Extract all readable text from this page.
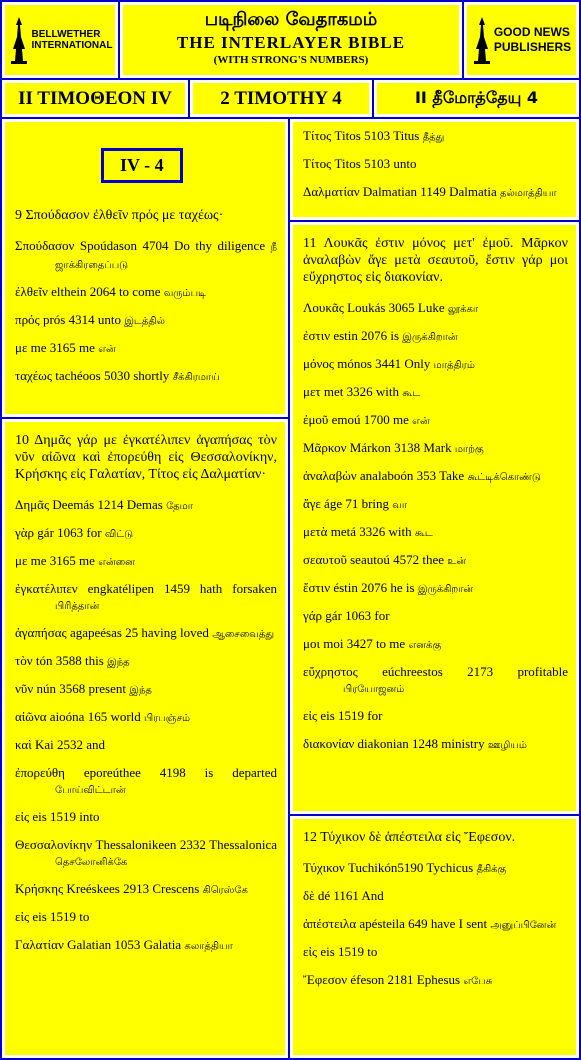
BELLWETHER
INTERNATIONAL
படிநிலை வேதாகமம்
THE INTERLAYER BIBLE
(WITH STRONG'S NUMBERS)
GOOD NEWS
PUBLISHERS
II TIMOΘΕΟΝ IV	2 TIMOTHY 4	II தீமோத்தேயு 4
IV - 4
9 Σπούδασον ἐλθεῖν πρός με ταχέως·
Σπούδασον Spoúdason 4704 Do thy diligence நீ ஜாக்கிரதைப்படு
ἐλθεῖν elthein 2064 to come வரும்படி
πρός prós 4314 unto இடத்தில்
με me 3165 me என்
ταχέως tachéoos 5030 shortly சீக்கிரமாய்
10 Δημᾶς γάρ με ἐγκατέλιπεν ἀγαπήσας τὸν νῦν αἰῶνα καὶ ἐπορεύθη εἰς Θεσσαλονίκην, Κρήσκης εἰς Γαλατίαν, Τίτος εἰς Δαλματίαν·
Δημᾶς Deemás 1214 Demas தேமா
γὰρ gár 1063 for விட்டு
με me 3165 me என்னை
ἐγκατέλιπεν engkatélipen 1459 hath forsaken பிரித்தான்
ἀγαπήσας agapeésas 25 having loved ஆசைவைத்து
τὸν tón 3588 this இந்த
νῦν nún 3568 present இந்த
αἰῶνα aioóna 165 world பிரபஞ்சம்
καὶ Kai 2532 and
ἐπορεύθη eporeúthee 4198 is departed போய்விட்டான்
εἰς eis 1519 into
Θεσσαλονίκην Thessalonikeen 2332 Thessalonica தெசலோனிக்கே
Κρήσκης Kreéskees 2913 Crescens கிரெஸ்கே
εἰς eis 1519 to
Γαλατίαν Galatian 1053 Galatia கலாத்தியா
Τίτος Titos 5103 Titus தீத்து
Τίτος Titos 5103 unto
Δαλματίαν Dalmatian 1149 Dalmatia தல்மாத்தியா
11 Λουκᾶς ἐστιν μόνος μετ' ἐμοῦ. Μᾶρκον ἀναλαβὼν ἄγε μετὰ σεαυτοῦ, ἔστιν γάρ μοι εὔχρηστος εἰς διακονίαν.
Λουκᾶς Loukás 3065 Luke லூக்கா
ἐστιν estin 2076 is இருக்கிறான்
μόνος mónos 3441 Only மாத்திரம்
μετ met 3326 with கூட
ἐμοῦ emoú 1700 me என்
Μᾶρκον Márkon 3138 Mark மாற்கு
ἀναλαβὼν analaboón 353 Take கூட்டிக்கொண்டு
ἄγε áge 71 bring வா
μετὰ metá 3326 with கூட
σεαυτοῦ seautoú 4572 thee உன்
ἔστιν éstin 2076 he is இருக்கிறான்
γάρ gár 1063 for
μοι moi 3427 to me எனக்கு
εὔχρηστος eúchreestos 2173 profitable பிரயோஜனம்
εἰς eis 1519 for
διακονίαν diakonian 1248 ministry ஊழியம்
12 Τύχικον δὲ ἀπέστειλα εἰς Ἔφεσον.
Τύχικον Tuchikón5190 Tychicus தீகிக்கு
δὲ dé 1161 And
ἀπέστειλα apésteila 649 have I sent அனுப்பினேன்
εἰς eis 1519 to
Ἔφεσον éfeson 2181 Ephesus எபேசு
